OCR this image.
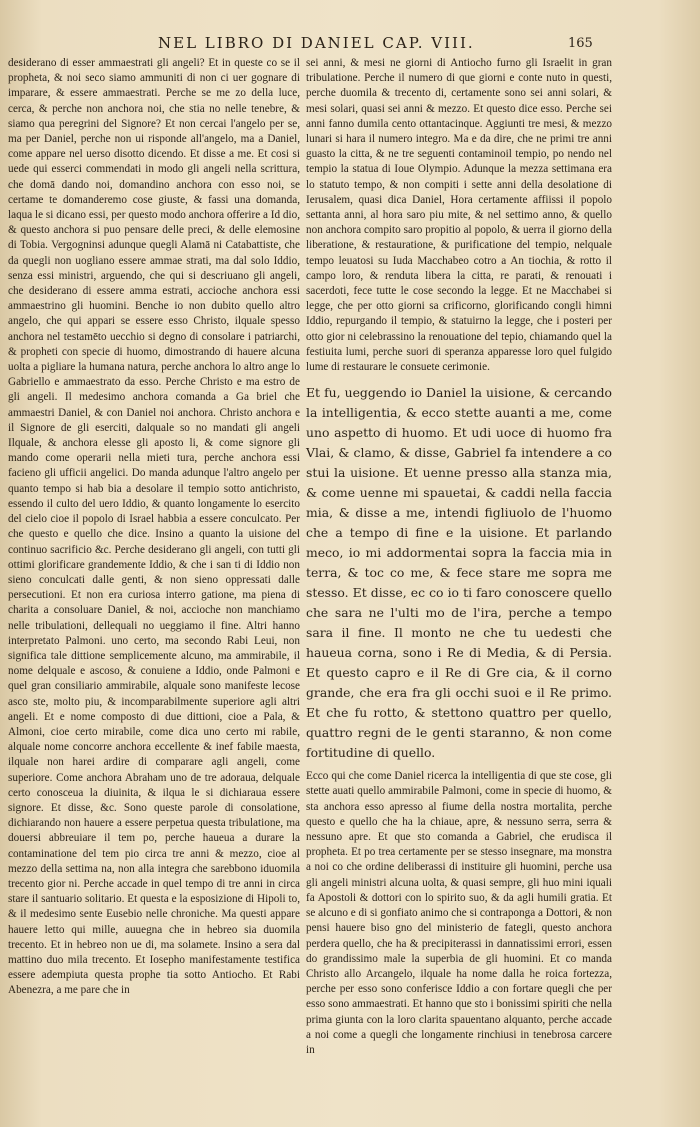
NEL LIBRO DI DANIEL CAP. VIII.	165

desiderano di esser ammaestrati gli angeli? Et in queste co se il propheta, & noi seco siamo ammuniti di non ci uer gognare di imparare, & essere ammaestrati. Perche se me zo della luce, cerca, & perche non anchora noi, che stia no nelle tenebre, & siamo qua peregrini del Signore? Et non cercai l'angelo per se, ma per Daniel, perche non ui risponde all'angelo, ma a Daniel, come appare nel uerso disotto dicendo. Et disse a me. Et cosi si uede qui esserci commendati in modo gli angeli nella scrittura, che domā dando noi, domandino anchora con esso noi, se certame te domanderemo cose giuste, & fassi una domanda, laqua le si dicano essi, per questo modo anchora offerire a Id dio, & questo anchora si puo pensare delle preci, & delle elemosine di Tobia. Vergogninsi adunque quegli Alamā ni Catabattiste, che da quegli non uogliano essere ammae strati, ma dal solo Iddio, senza essi ministri, arguendo, che qui si descriuano gli angeli, che desiderano di essere amma estrati, accioche anchora essi ammaestrino gli huomini. Benche io non dubito quello altro angelo, che qui appari se essere esso Christo, ilquale spesso anchora nel testamēto uecchio si degno di consolare i patriarchi, & propheti con specie di huomo, dimostrando di hauere alcuna uolta a pigliare la humana natura, perche anchora lo altro ange lo Gabriello e ammaestrato da esso. Perche Christo e ma estro de gli angeli. Il medesimo anchora comanda a Ga briel che ammaestri Daniel, & con Daniel noi anchora. Christo anchora e il Signore de gli eserciti, dalquale so no mandati gli angeli Ilquale, & anchora elesse gli aposto li, & come signore gli mando come operarii nella mieti tura, perche anchora essi facieno gli ufficii angelici. Do manda adunque l'altro angelo per quanto tempo si hab bia a desolare il tempio sotto antichristo, essendo il culto del uero Iddio, & quanto longamente lo esercito del cielo cioe il popolo di Israel habbia a essere conculcato. Per che questo e quello che dice. Insino a quanto la uisione del continuo sacrificio &c. Perche desiderano gli angeli, con tutti gli ottimi glorificare grandemente Iddio, & che i san ti di Iddio non sieno conculcati dalle genti, & non sieno oppressati dalle persecutioni. Et non era curiosa interro gatione, ma piena di charita a consoluare Daniel, & noi, accioche non manchiamo nelle tribulationi, dellequali no ueggiamo il fine. Altri hanno interpretato Palmoni. uno certo, ma secondo Rabi Leui, non significa tale dittione semplicemente alcuno, ma ammirabile, il nome delquale e ascoso, & conuiene a Iddio, onde Palmoni e quel gran consiliario ammirabile, alquale sono manifeste lecose asco ste, molto piu, & incomparabilmente superiore agli altri angeli. Et e nome composto di due dittioni, cioe a Pala, & Almoni, cioe certo mirabile, come dica uno certo mi rabile, alquale nome concorre anchora eccellente & inef fabile maesta, ilquale non harei ardire di comparare agli angeli, come superiore. Come anchora Abraham uno de tre adoraua, delquale certo conosceua la diuinita, & ilqua le si dichiaraua essere signore. Et disse, &c. Sono queste parole di consolatione, dichiarando non hauere a essere perpetua questa tribulatione, ma douersi abbreuiare il tem po, perche haueua a durare la contaminatione del tem pio circa tre anni & mezzo, cioe al mezzo della settima na, non alla integra che sarebbono iduomila trecento gior ni. Perche accade in quel tempo di tre anni in circa stare il santuario solitario. Et questa e la esposizione di Hipoli to, & il medesimo sente Eusebio nelle chroniche. Ma questi appare hauere letto qui mille, auuegna che in hebreo sia duomila trecento. Et in hebreo non ue di, ma solamete. Insino a sera dal mattino duo mila trecento. Et Iosepho manifestamente testifica essere adempiuta questa prophe tia sotto Antiocho. Et Rabi Abenezra, a me pare che in

sei anni, & mesi ne giorni di Antiocho furno gli Israelit in gran tribulatione. Perche il numero di que giorni e conte nuto in questi, perche duomila & trecento di, certamente sono sei anni solari, & mesi solari, quasi sei anni & mezzo. Et questo dice esso. Perche sei anni fanno dumila cento ottantacinque. Aggiunti tre mesi, & mezzo lunari si hara il numero integro. Ma e da dire, che ne primi tre anni guasto la citta, & ne tre seguenti contaminoil tempio, po nendo nel tempio la statua di Ioue Olympio. Adunque la mezza settimana era lo statuto tempo, & non compiti i sette anni della desolatione di Ierusalem, quasi dica Daniel, Hora certamente affiissi il popolo settanta anni, al hora saro piu mite, & nel settimo anno, & quello non anchora compito saro propitio al popolo, & uerra il giorno della liberatione, & restauratione, & purificatione del tempio, nelquale tempo leuatosi su Iuda Macchabeo cotro a An tiochia, & rotto il campo loro, & renduta libera la citta, re parati, & renouati i sacerdoti, fece tutte le cose secondo la legge. Et ne Macchabei si legge, che per otto giorni sa crificorno, glorificando congli himni Iddio, repurgando il tempio, & statuirno la legge, che i posteri per otto gior ni celebrassino la renouatione del tepio, chiamando quel la festiuita lumi, perche suori di speranza apparesse loro quel fulgido lume di restaurare le consuete cerimonie.

Et fu, ueggendo io Daniel la uisione, & cercando la intelligentia, & ecco stette auanti a me, come uno aspetto di huomo. Et udi uoce di huomo fra Vlai, & clamo, & disse, Gabriel fa intendere a co stui la uisione. Et uenne presso alla stanza mia, & come uenne mi spauetai, & caddi nella faccia mia, & disse a me, intendi figliuolo de l'huomo che a tempo di fine e la uisione. Et parlando meco, io mi addormentai sopra la faccia mia in terra, & toc co me, & fece stare me sopra me stesso. Et disse, ec co io ti faro conoscere quello che sara ne l'ulti mo de l'ira, perche a tempo sara il fine. Il monto ne che tu uedesti che haueua corna, sono i Re di Media, & di Persia. Et questo capro e il Re di Gre cia, & il corno grande, che era fra gli occhi suoi e il Re primo. Et che fu rotto, & stettono quattro per quello, quattro regni de le genti staranno, & non come fortitudine di quello.

Ecco qui che come Daniel ricerca la intelligentia di que ste cose, gli stette auati quello ammirabile Palmoni, come in specie di huomo, & sta anchora esso apresso al fiume della nostra mortalita, perche questo e quello che ha la chiaue, apre, & nessuno serra, serra & nessuno apre. Et que sto comanda a Gabriel, che erudisca il propheta. Et po trea certamente per se stesso insegnare, ma monstra a noi co che ordine deliberassi di instituire gli huomini, perche usa gli angeli ministri alcuna uolta, & quasi sempre, gli huo mini iquali fa Apostoli & dottori con lo spirito suo, & da agli humili gratia. Et se alcuno e di si gonfiato animo che si contraponga a Dottori, & non pensi hauere biso gno del ministerio de fategli, questo anchora perdera quello, che ha & precipiterassi in dannatissimi errori, essen do grandissimo male la superbia de gli huomini. Et co manda Christo allo Arcangelo, ilquale ha nome dalla he roica fortezza, perche per esso sono conferisce Iddio a con fortare quegli che per esso sono ammaestrati. Et hanno que sto i bonissimi spiriti che nella prima giunta con la loro clarita spauentano alquanto, perche accade a noi come a quegli che longamente rinchiusi in tenebrosa carcere in
